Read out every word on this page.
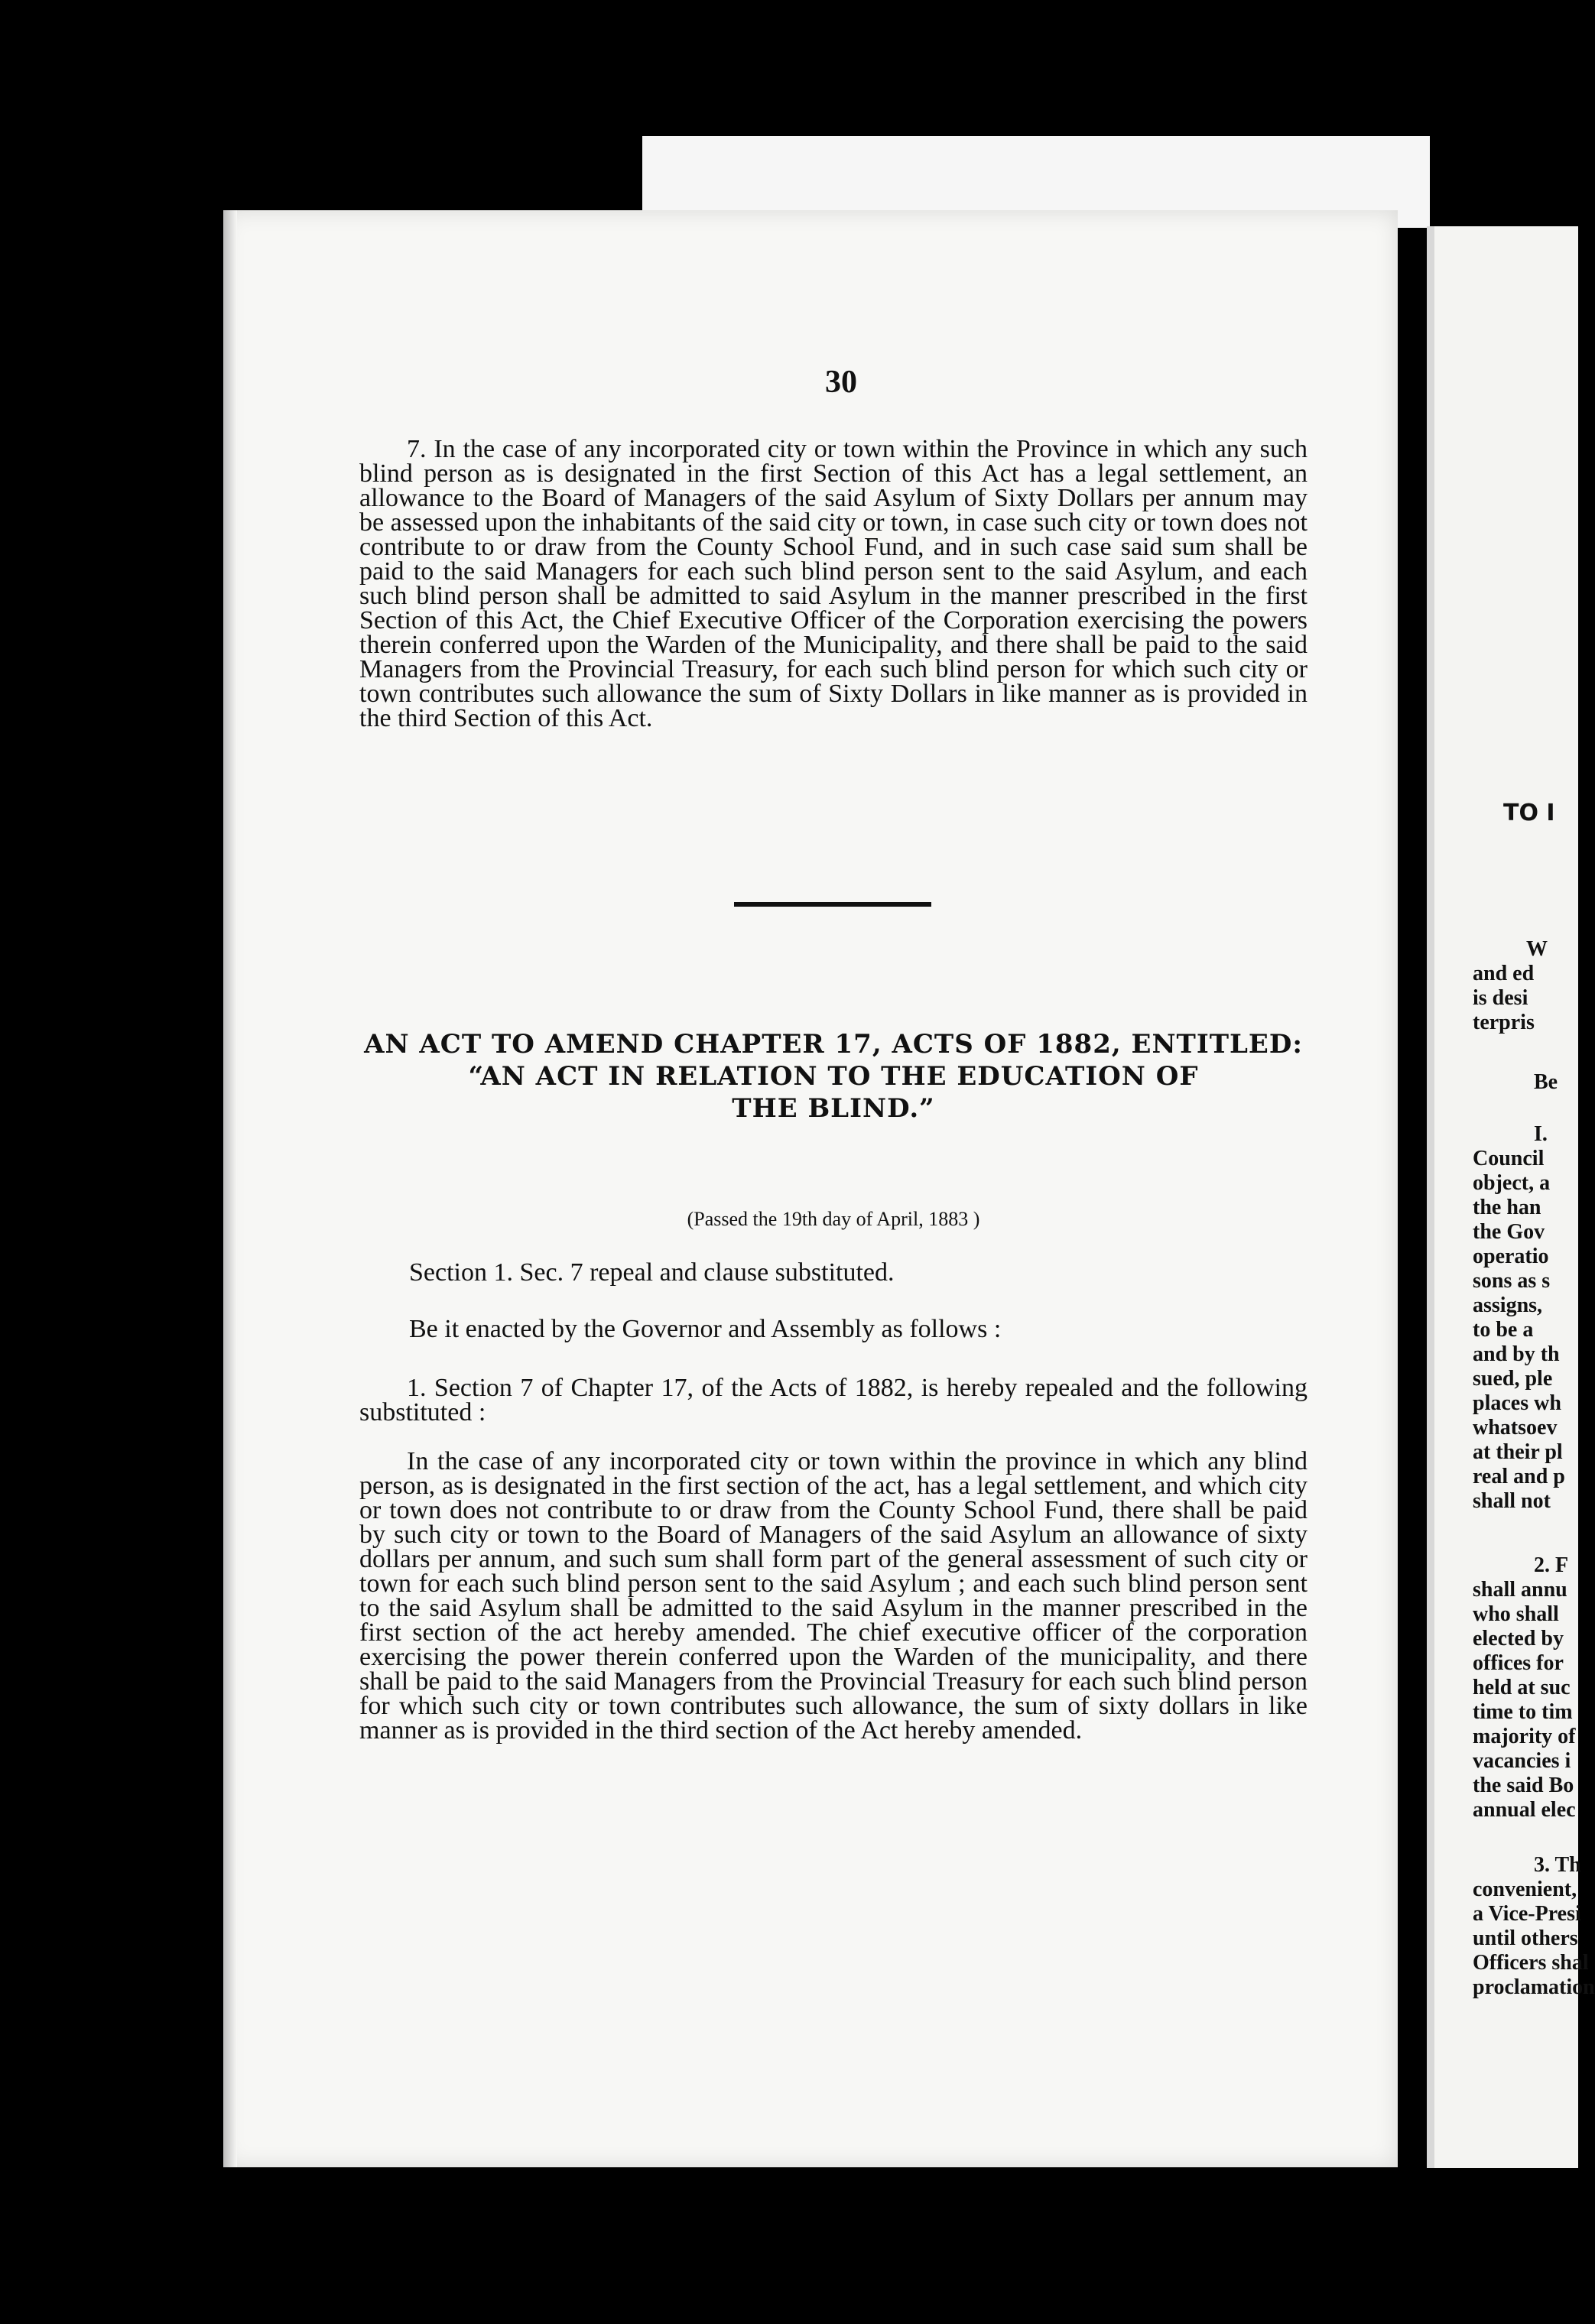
30

7. In the case of any incorporated city or town within the Province in which any such blind person as is designated in the first Section of this Act has a legal settlement, an allowance to the Board of Managers of the said Asylum of Sixty Dollars per annum may be assessed upon the inhabitants of the said city or town, in case such city or town does not contribute to or draw from the County School Fund, and in such case said sum shall be paid to the said Managers for each such blind person sent to the said Asylum, and each such blind person shall be admitted to said Asylum in the manner prescribed in the first Section of this Act, the Chief Executive Officer of the Corporation exercising the powers therein conferred upon the Warden of the Municipality, and there shall be paid to the said Managers from the Provincial Treasury, for each such blind person for which such city or town contributes such allowance the sum of Sixty Dollars in like manner as is provided in the third Section of this Act.

AN ACT TO AMEND CHAPTER 17, ACTS OF 1882, ENTITLED:
“AN ACT IN RELATION TO THE EDUCATION OF
THE BLIND.”

(Passed the 19th day of April, 1883 )

Section 1. Sec. 7 repeal and clause substituted.

Be it enacted by the Governor and Assembly as follows :

1. Section 7 of Chapter 17, of the Acts of 1882, is hereby repealed and the following substituted :

In the case of any incorporated city or town within the province in which any blind person, as is designated in the first section of the act, has a legal settlement, and which city or town does not contribute to or draw from the County School Fund, there shall be paid by such city or town to the Board of Managers of the said Asylum an allowance of sixty dollars per annum, and such sum shall form part of the general assessment of such city or town for each such blind person sent to the said Asylum ; and each such blind person sent to the said Asylum shall be admitted to the said Asylum in the manner prescribed in the first section of the act hereby amended. The chief executive officer of the corporation exercising the power therein conferred upon the Warden of the municipality, and there shall be paid to the said Managers from the Provincial Treasury for each such blind person for which such city or town contributes such allowance, the sum of sixty dollars in like manner as is provided in the third section of the Act hereby amended.

TO I
W
and ed
is desi
terpris
Be
I.
Council
object, a
the han
the Gov
operatio
sons as s
assigns,
to be a
and by th
sued, ple
places wh
whatsoev
at their pl
real and p
shall not
2. F
shall annu
who shall
elected by
offices for
held at suc
time to tim
majority of
vacancies i
the said Bo
annual elec
3. Th
convenient,
a Vice-Presi
until others
Officers shal
proclamation
